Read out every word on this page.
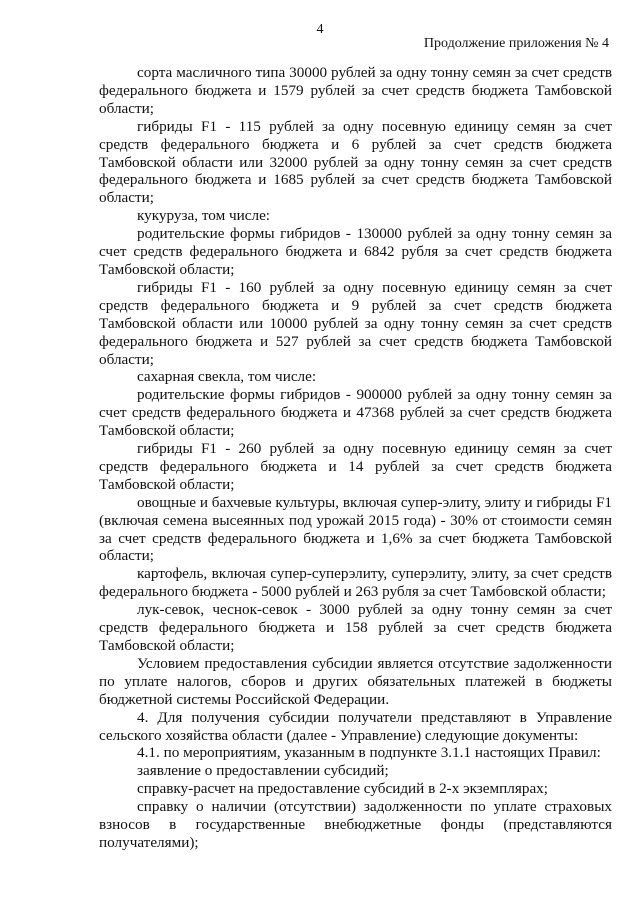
4
Продолжение приложения № 4

сорта масличного типа 30000 рублей за одну тонну семян за счет средств федерального бюджета и 1579 рублей за счет средств бюджета Тамбовской области;

гибриды F1 - 115 рублей за одну посевную единицу семян за счет средств федерального бюджета и 6 рублей за счет средств бюджета Тамбовской области или 32000 рублей за одну тонну семян за счет средств федерального бюджета и 1685 рублей за счет средств бюджета Тамбовской области;

кукуруза, том числе:

родительские формы гибридов - 130000 рублей за одну тонну семян за счет средств федерального бюджета и 6842 рубля за счет средств бюджета Тамбовской области;

гибриды F1 - 160 рублей за одну посевную единицу семян за счет средств федерального бюджета и 9 рублей за счет средств бюджета Тамбовской области или 10000 рублей за одну тонну семян за счет средств федерального бюджета и 527 рублей за счет средств бюджета Тамбовской области;

сахарная свекла, том числе:

родительские формы гибридов - 900000 рублей за одну тонну семян за счет средств федерального бюджета и 47368 рублей за счет средств бюджета Тамбовской области;

гибриды F1 - 260 рублей за одну посевную единицу семян за счет средств федерального бюджета и 14 рублей за счет средств бюджета Тамбовской области;

овощные и бахчевые культуры, включая супер-элиту, элиту и гибриды F1 (включая семена высеянных под урожай 2015 года) - 30% от стоимости семян за счет средств федерального бюджета и 1,6% за счет бюджета Тамбовской области;

картофель, включая супер-суперэлиту, суперэлиту, элиту, за счет средств федерального бюджета - 5000 рублей и 263 рубля за счет Тамбовской области;

лук-севок, чеснок-севок - 3000 рублей за одну тонну семян за счет средств федерального бюджета и 158 рублей за счет средств бюджета Тамбовской области;

Условием предоставления субсидии является отсутствие задолженности по уплате налогов, сборов и других обязательных платежей в бюджеты бюджетной системы Российской Федерации.

4. Для получения субсидии получатели представляют в Управление сельского хозяйства области (далее - Управление) следующие документы:

4.1. по мероприятиям, указанным в подпункте 3.1.1 настоящих Правил:

заявление о предоставлении субсидий;

справку-расчет на предоставление субсидий в 2-х экземплярах;

справку о наличии (отсутствии) задолженности по уплате страховых взносов в государственные внебюджетные фонды (представляются получателями);
